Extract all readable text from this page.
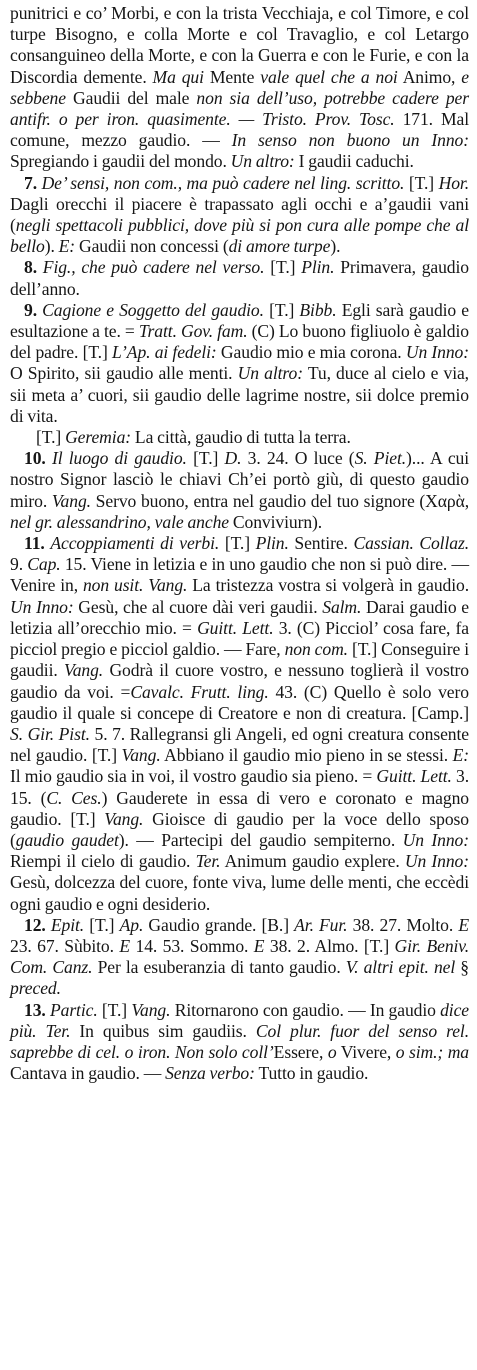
punitrici e co’ Morbi, e con la trista Vecchiaja, e col Timore, e col turpe Bisogno, e colla Morte e col Travaglio, e col Letargo consanguineo della Morte, e con la Guerra e con le Furie, e con la Discordia demente. Ma qui Mente vale quel che a noi Animo, e sebbene Gaudii del male non sia dell’uso, potrebbe cadere per antifr. o per iron. quasimente. — Tristo. Prov. Tosc. 171. Mal comune, mezzo gaudio. — In senso non buono un Inno: Spregiando i gaudii del mondo. Un altro: I gaudii caduchi.

7. De’ sensi, non com., ma può cadere nel ling. scritto. [T.] Hor. Dagli orecchi il piacere è trapassato agli occhi e a’gaudii vani (negli spettacoli pubblici, dove più si pon cura alle pompe che al bello). E: Gaudii non concessi (di amore turpe).

8. Fig., che può cadere nel verso. [T.] Plin. Primavera, gaudio dell’anno.

9. Cagione e Soggetto del gaudio. [T.] Bibb. Egli sarà gaudio e esultazione a te. = Tratt. Gov. fam. (C) Lo buono figliuolo è galdio del padre. [T.] L’Ap. ai fedeli: Gaudio mio e mia corona. Un Inno: O Spirito, sii gaudio alle menti. Un altro: Tu, duce al cielo e via, sii meta a’ cuori, sii gaudio delle lagrime nostre, sii dolce premio di vita.

[T.] Geremia: La città, gaudio di tutta la terra.

10. Il luogo di gaudio. [T.] D. 3. 24. O luce (S. Piet.)... A cui nostro Signor lasciò le chiavi Ch’ei portò giù, di questo gaudio miro. Vang. Servo buono, entra nel gaudio del tuo signore (Χαρὰ, nel gr. alessandrino, vale anche Conviviurn).

11. Accoppiamenti di verbi. [T.] Plin. Sentire. Cassian. Collaz. 9. Cap. 15. Viene in letizia e in uno gaudio che non si può dire. — Venire in, non usit. Vang. La tristezza vostra si volgerà in gaudio. Un Inno: Gesù, che al cuore dài veri gaudii. Salm. Darai gaudio e letizia all’orecchio mio. = Guitt. Lett. 3. (C) Picciol’ cosa fare, fa picciol pregio e picciol galdio. — Fare, non com. [T.] Conseguire i gaudii. Vang. Godrà il cuore vostro, e nessuno toglierà il vostro gaudio da voi. =Cavalc. Frutt. ling. 43. (C) Quello è solo vero gaudio il quale si concepe di Creatore e non di creatura. [Camp.] S. Gir. Pist. 5. 7. Rallegransi gli Angeli, ed ogni creatura consente nel gaudio. [T.] Vang. Abbiano il gaudio mio pieno in se stessi. E: Il mio gaudio sia in voi, il vostro gaudio sia pieno. = Guitt. Lett. 3. 15. (C. Ces.) Gauderete in essa di vero e coronato e magno gaudio. [T.] Vang. Gioisce di gaudio per la voce dello sposo (gaudio gaudet). — Partecipi del gaudio sempiterno. Un Inno: Riempi il cielo di gaudio. Ter. Animum gaudio explere. Un Inno: Gesù, dolcezza del cuore, fonte viva, lume delle menti, che eccèdi ogni gaudio e ogni desiderio.

12. Epit. [T.] Ap. Gaudio grande. [B.] Ar. Fur. 38. 27. Molto. E 23. 67. Sùbito. E 14. 53. Sommo. E 38. 2. Almo. [T.] Gir. Beniv. Com. Canz. Per la esuberanzia di tanto gaudio. V. altri epit. nel § preced.

13. Partic. [T.] Vang. Ritornarono con gaudio. — In gaudio dice più. Ter. In quibus sim gaudiis. Col plur. fuor del senso rel. saprebbe di cel. o iron. Non solo coll’Essere, o Vivere, o sim.; ma Cantava in gaudio. — Senza verbo: Tutto in gaudio.
